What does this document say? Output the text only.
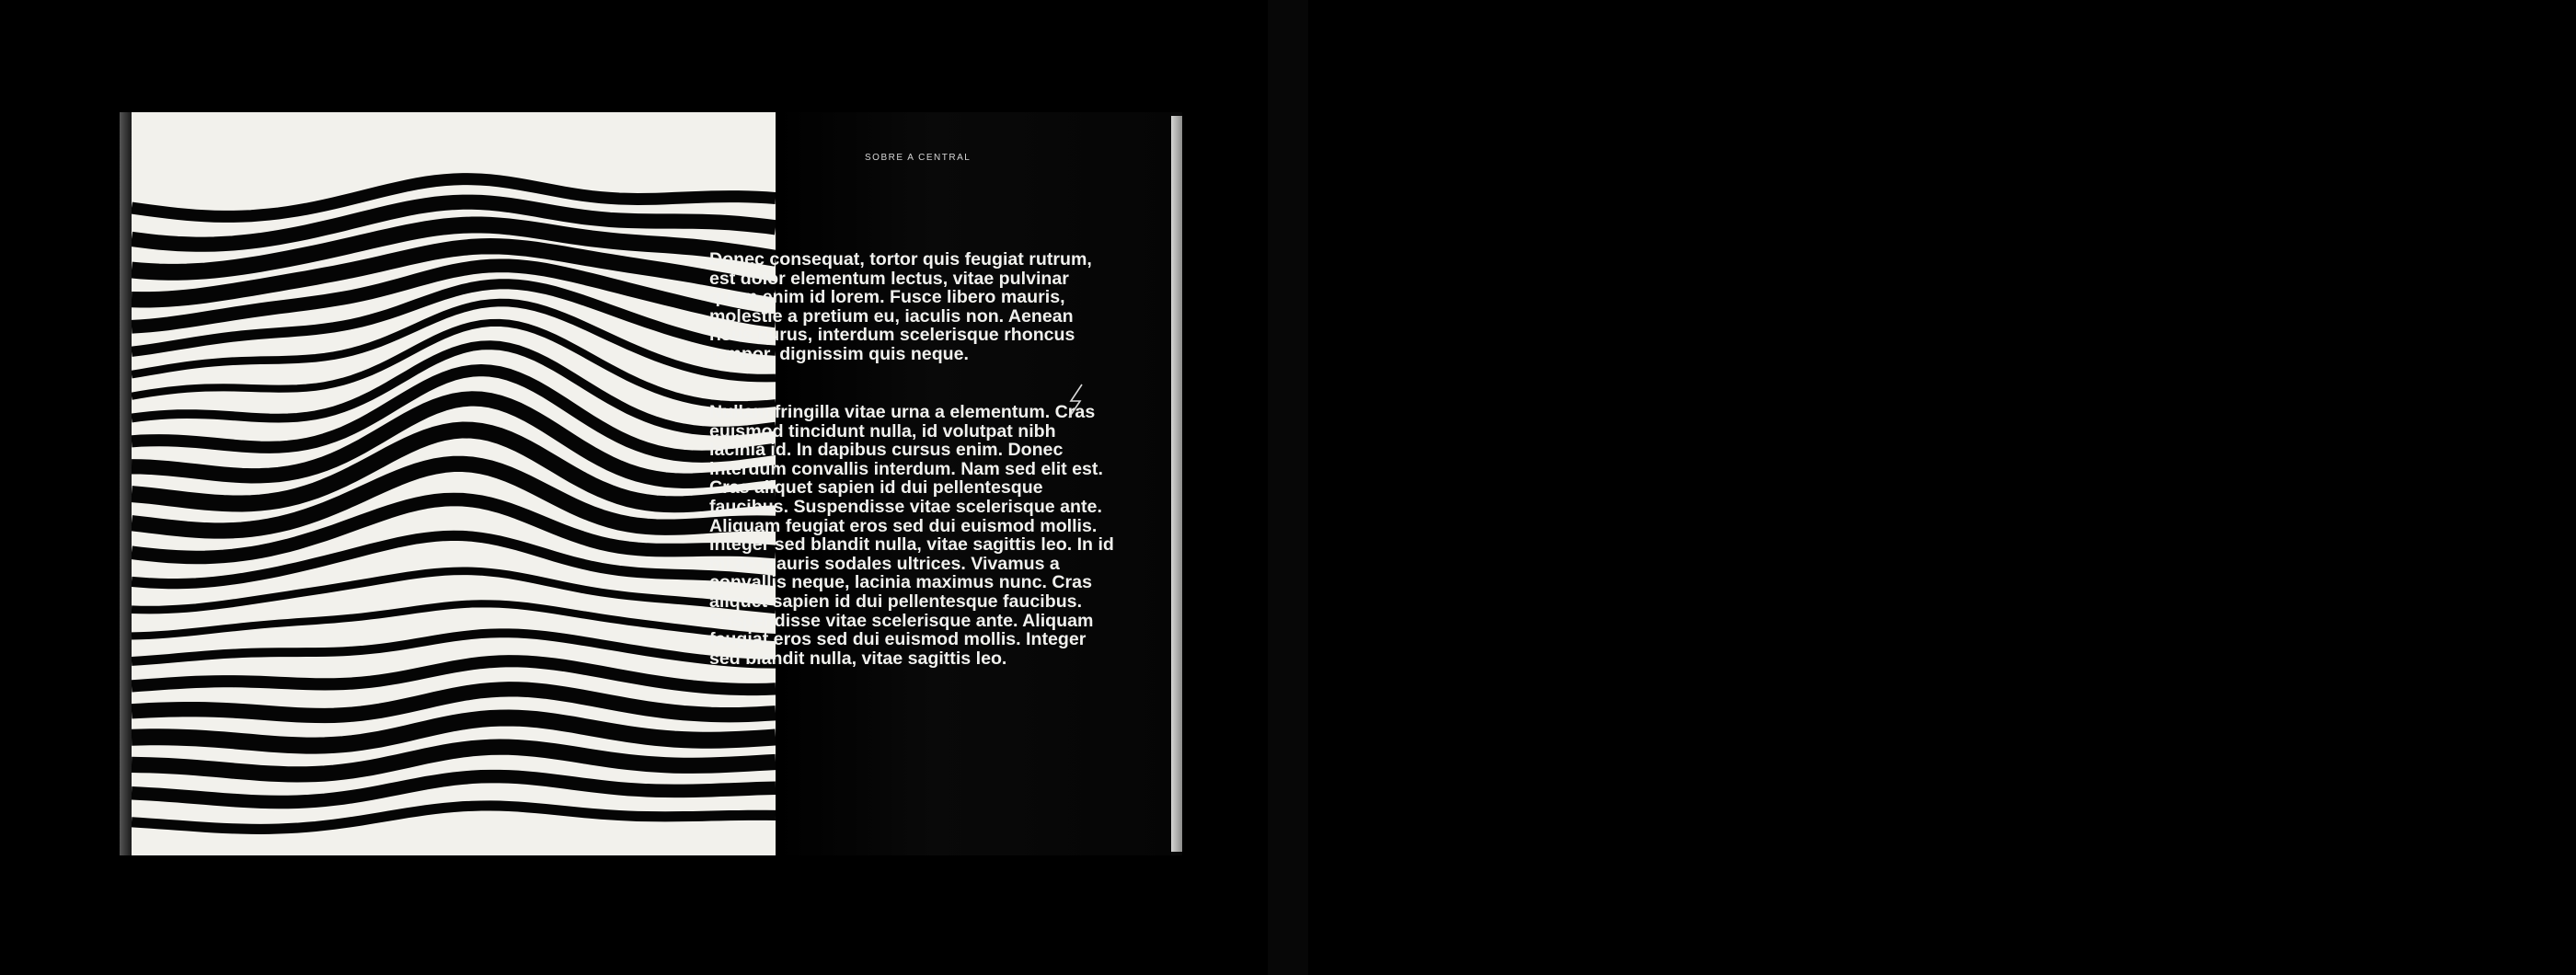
SOBRE A CENTRAL

Donec consequat, tortor quis feugiat rutrum, est dolor elementum lectus, vitae pulvinar quam enim id lorem. Fusce libero mauris, molestie a pretium eu, iaculis non. Aenean risus purus, interdum scelerisque rhoncus tempor, dignissim quis neque.

Nullam fringilla vitae urna a elementum. Cras euismod tincidunt nulla, id volutpat nibh lacinia id. In dapibus cursus enim. Donec interdum convallis interdum. Nam sed elit est. Cras aliquet sapien id dui pellentesque faucibus. Suspendisse vitae scelerisque ante. Aliquam feugiat eros sed dui euismod mollis. Integer sed blandit nulla, vitae sagittis leo. In id mi ac mauris sodales ultrices. Vivamus a convallis neque, lacinia maximus nunc. Cras aliquet sapien id dui pellentesque faucibus. Suspendisse vitae scelerisque ante. Aliquam feugiat eros sed dui euismod mollis. Integer sed blandit nulla, vitae sagittis leo.
